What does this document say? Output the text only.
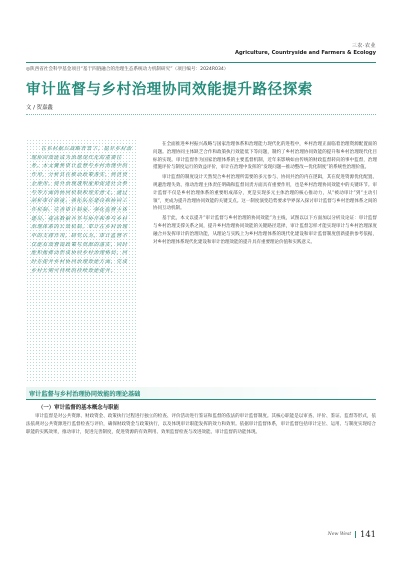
三农·农业
Agriculture, Countryside and Farmers & Ecology
◎陕西省社会科学基金项目“基于四链融合的治理生态系统动力机制研究”（项目编号：2024R034）
审计监督与乡村治理协同效能提升路径探索
文 / 贺嘉鑫

在乡村振兴战略背景下，提升乡村治理协同效能成为治理现代化的重要任务。本文聚焦审计监督与乡村治理中的作用，分析其在推动政策落实、规范资金使用、提升治理透明度和促进社会参与等方面的协同机制和现实意义。通过剖析审计制度、强化队伍建设和协同工作机制、完善审计制度、强化监督主体建设、提高数据共享与协作和参与乡村治理体系的长效机制，审计在乡村治理中的支撑作用，研究认为，审计监督不仅能有效督促政策与资源的落实，同时能积极推动形成协同乡村治理格局，同时在提升乡村协同治理效能方面，完成乡村长期可持续的持续效能提升。

在全面推进乡村振兴战略与国家治理体系和治理能力现代化的进程中，乡村治理正面临着治理资源配置面的问题。治理协同主体缺乏合作和政策执行效能低下等问题，制约了乡村治理协同效能的提升和乡村治理现代化目标的实现。审计监督作为国家治理体系的主要监督机制，近年来影响如由传统的财政监督转向的事中监督，治理措施评价与制度运行的效益评价，审计在治理中发挥的“发现问题—推动整改—优化制度”的系统性治理价值。

审计监督的制度设计天然契合乡村治理所需要的多元参与、协同共治的内在逻辑，其在促进资源优化配置、规避治理失效、推动治理主体责任明确和监督问责方面具有重要作用，也是乡村治理协同效能中的关键环节。审计监督不仅是乡村治理体系的重要组成部分，更是实现多元主体治理的核心推动力，从“被动审计”到“主动引领”，更成为提升治理协同效能的关键支点。这一制度演变趋势要求学界深入探讨审计监督与乡村治理体系之间的协同互动机制。

基于此，本文以提升“审计监督与乡村治理的协同效能”为主线，试图以以下方面加以分析及论证：审计监督与乡村治理支撑关系之间，提升乡村治理协同效能的关键路径选择，审计监督怎样才能实现审计与乡村治理深度融合并发挥审计的治理功能，从理论与实践上为乡村治理体系的现代化建设和审计监督制度创新提供参考依据，对乡村治理体系现代化建设和审计治理效能的提升具有重要理论价值和实践意义。

审计监督与乡村治理协同效能的理论基础
（一）审计监督的基本概念与职能

审计监督是对公共资源、财政资金、政策执行过程进行独立的检查、评价活动进行鉴证和监督的依法的审计监督制度。其核心职能是以审查、评价、鉴证、监督等形式，依法依规对公共资源进行监督检查与评价，确保财政资金与政策执行，以及体现审计职能发挥的效力和效果。依据审计监督体系，审计监督包括审计定位、运用、与制度实现结合职能的实践效果，推动审计，促进完善制度，促进资源的有效利用、效果监督检查与改进效能、审计监督的功能体现。

New West 141
